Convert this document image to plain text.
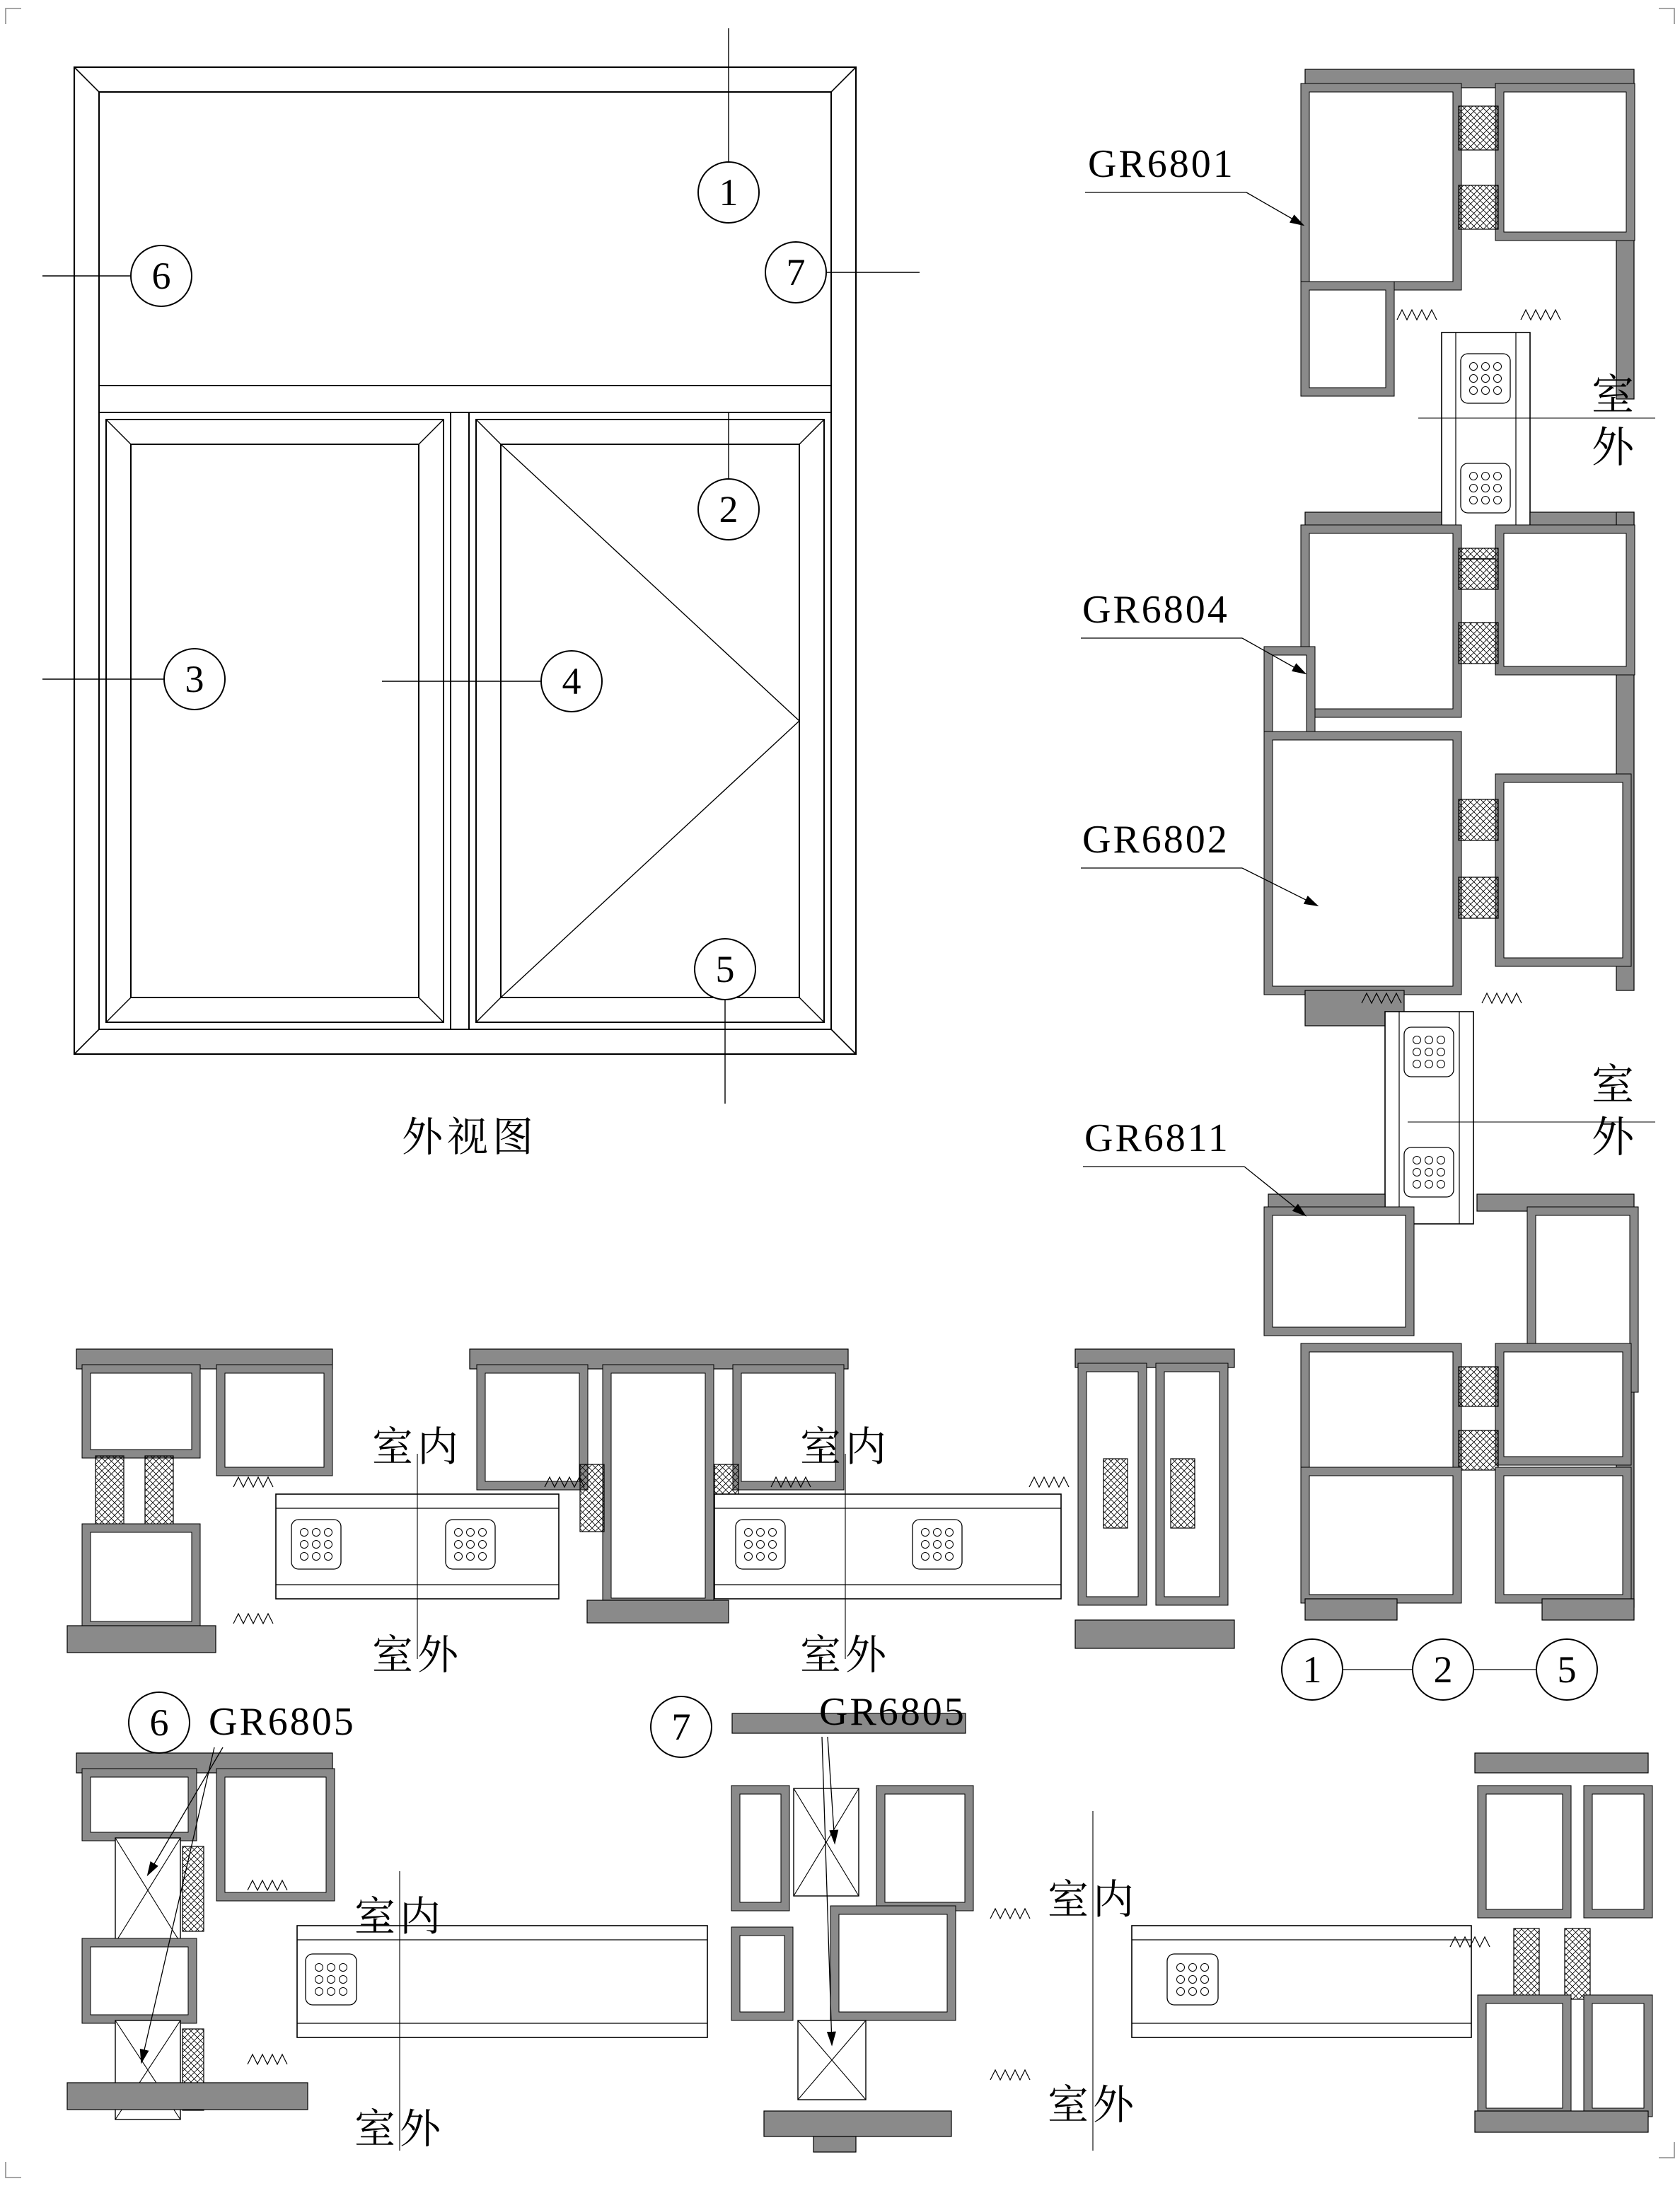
1
2
3	4
5
6	7
外视图
GR6801
GR6804
GR6802
GR6811
室外
室外
1	2	5
室内
室外
室内
室外
6	7
GR6805	GR6805
室内
室外
室内
室外
